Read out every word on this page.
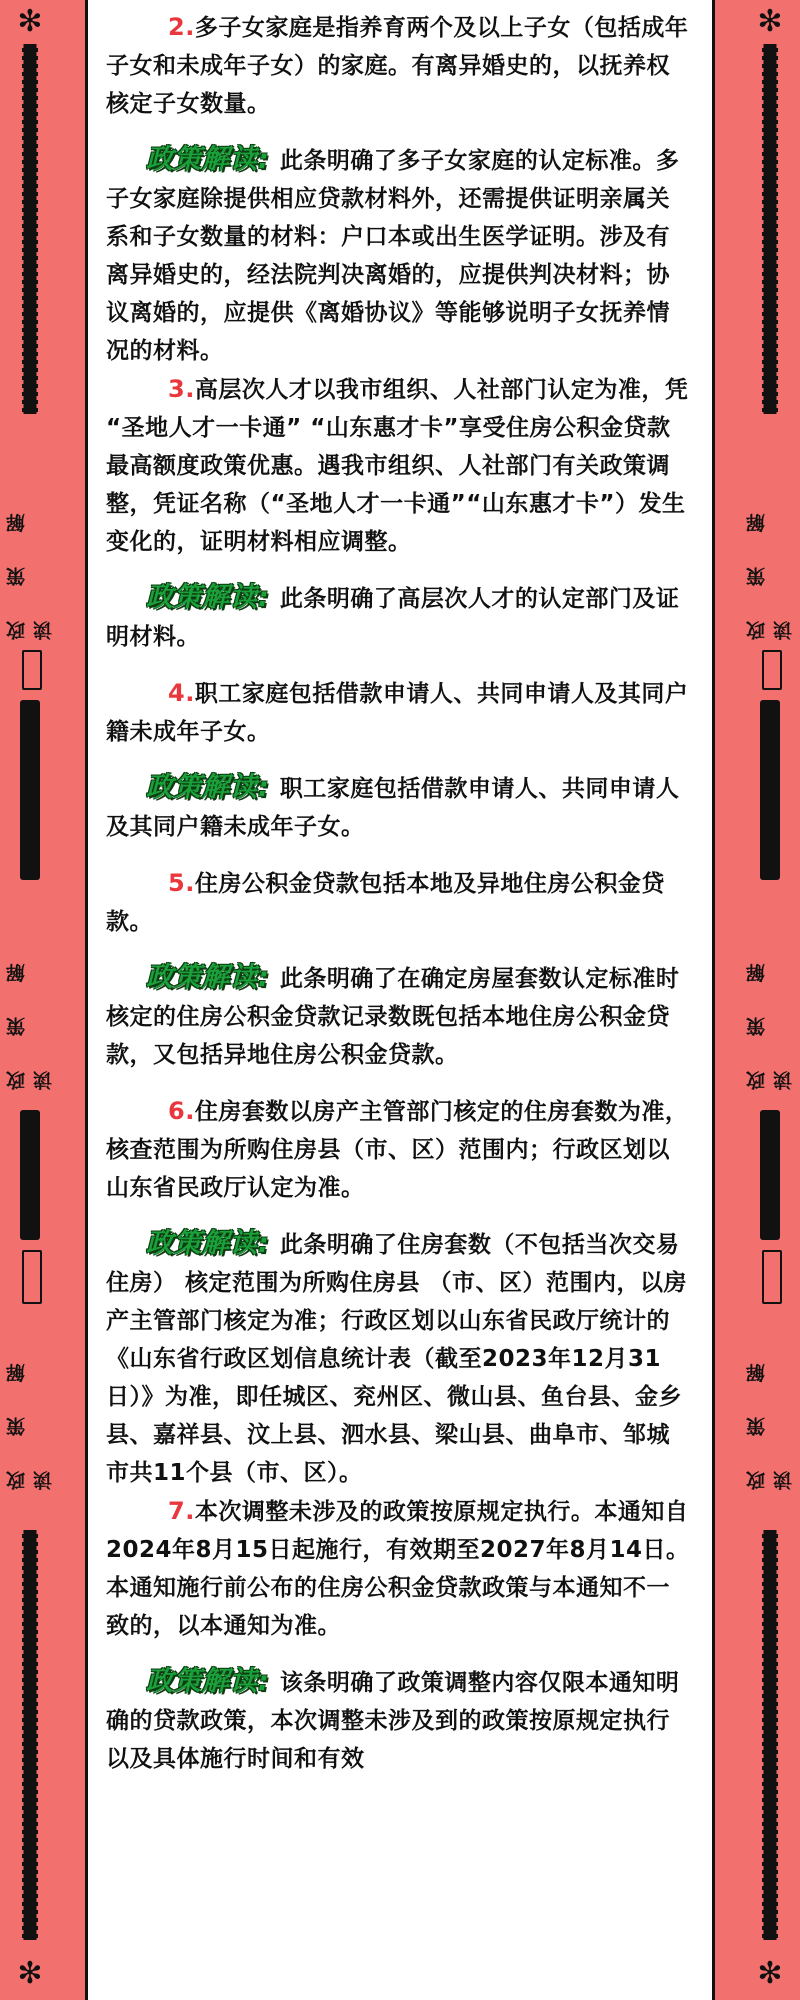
✻
政 策 解 读
政 策 解 读
政 策 解 读
✻
✻
政 策 解 读
政 策 解 读
政 策 解 读
✻

2.多子女家庭是指养育两个及以上子女（包括成年子女和未成年子女）的家庭。有离异婚史的，以抚养权核定子女数量。

政策解读: 此条明确了多子女家庭的认定标准。多子女家庭除提供相应贷款材料外，还需提供证明亲属关系和子女数量的材料：户口本或出生医学证明。涉及有离异婚史的，经法院判决离婚的，应提供判决材料；协议离婚的，应提供《离婚协议》等能够说明子女抚养情况的材料。

3.高层次人才以我市组织、人社部门认定为准，凭 “圣地人才一卡通” “山东惠才卡”享受住房公积金贷款最高额度政策优惠。遇我市组织、人社部门有关政策调整，凭证名称（“圣地人才一卡通”“山东惠才卡”）发生变化的，证明材料相应调整。

政策解读: 此条明确了高层次人才的认定部门及证明材料。

4.职工家庭包括借款申请人、共同申请人及其同户籍未成年子女。

政策解读: 职工家庭包括借款申请人、共同申请人及其同户籍未成年子女。

5.住房公积金贷款包括本地及异地住房公积金贷款。

政策解读: 此条明确了在确定房屋套数认定标准时核定的住房公积金贷款记录数既包括本地住房公积金贷款，又包括异地住房公积金贷款。

6.住房套数以房产主管部门核定的住房套数为准，核查范围为所购住房县（市、区）范围内；行政区划以山东省民政厅认定为准。

政策解读: 此条明确了住房套数（不包括当次交易住房） 核定范围为所购住房县 （市、区）范围内，以房产主管部门核定为准；行政区划以山东省民政厅统计的《山东省行政区划信息统计表（截至2023年12月31日）》为准，即任城区、兖州区、微山县、鱼台县、金乡县、嘉祥县、汶上县、泗水县、梁山县、曲阜市、邹城市共11个县（市、区）。

7.本次调整未涉及的政策按原规定执行。本通知自2024年8月15日起施行，有效期至2027年8月14日。本通知施行前公布的住房公积金贷款政策与本通知不一致的，以本通知为准。

政策解读: 该条明确了政策调整内容仅限本通知明确的贷款政策，本次调整未涉及到的政策按原规定执行以及具体施行时间和有效
